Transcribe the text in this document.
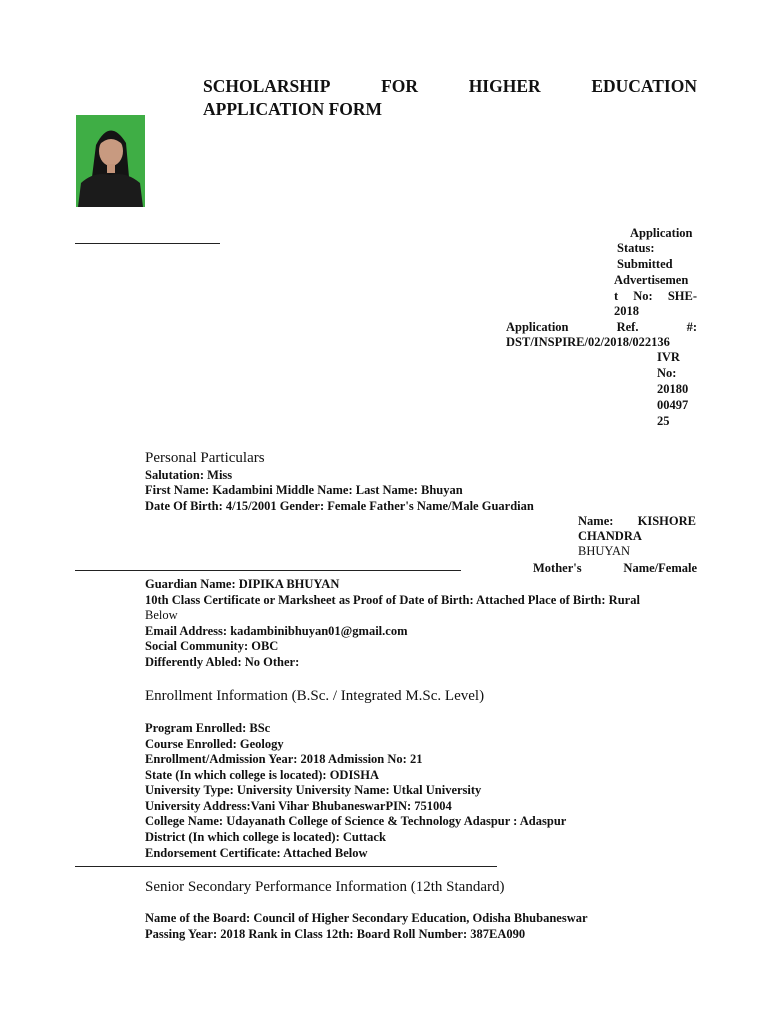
SCHOLARSHIP	FOR	HIGHER	EDUCATION
APPLICATION FORM
Application
Status:
Submitted
Advertisemen
t No: SHE-
2018
Application	Ref.	#:
DST/INSPIRE/02/2018/022136
IVR
No:
20180
00497
25
Personal Particulars
Salutation: Miss
First Name: Kadambini Middle Name: Last Name: Bhuyan
Date Of Birth: 4/15/2001 Gender: Female Father's Name/Male Guardian
Name: KISHORE
CHANDRA
BHUYAN
Mother's	Name/Female
Guardian Name: DIPIKA BHUYAN
10th Class Certificate or Marksheet as Proof of Date of Birth: Attached Place of Birth: Rural
Below
Email Address: kadambinibhuyan01@gmail.com
Social Community: OBC
Differently Abled: No Other:
Enrollment Information (B.Sc. / Integrated M.Sc. Level)
Program Enrolled: BSc
Course Enrolled: Geology
Enrollment/Admission Year: 2018 Admission No: 21
State (In which college is located): ODISHA
University Type: University University Name: Utkal University
University Address:Vani Vihar BhubaneswarPIN: 751004
College Name: Udayanath College of Science & Technology Adaspur : Adaspur
District (In which college is located): Cuttack
Endorsement Certificate: Attached Below
Senior Secondary Performance Information (12th Standard)
Name of the Board: Council of Higher Secondary Education, Odisha Bhubaneswar
Passing Year: 2018 Rank in Class 12th: Board Roll Number: 387EA090
